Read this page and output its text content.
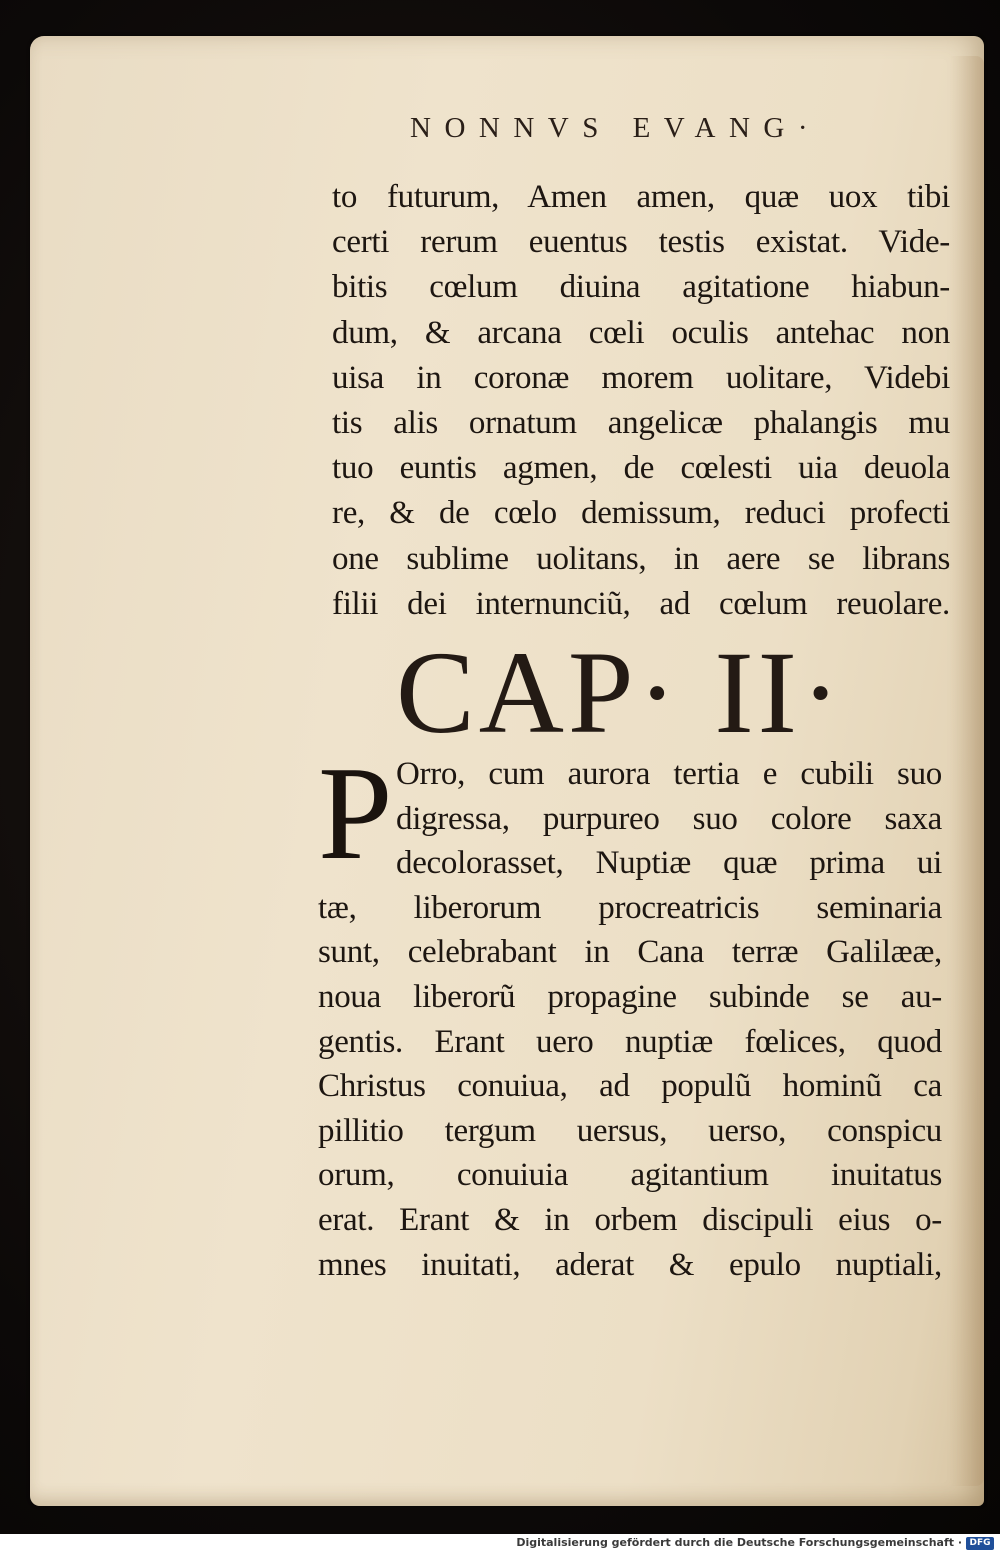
NONNVS EVANG·
to futurum, Amen amen, quæ uox tibi
certi rerum euentus testis existat. Vide-
bitis cœlum diuina agitatione hiabun-
dum, & arcana cœli oculis antehac non
uisa in coronæ morem uolitare, Videbi
tis alis ornatum angelicæ phalangis mu
tuo euntis agmen, de cœlesti uia deuola
re, & de cœlo demissum, reduci profecti
one sublime uolitans, in aere se librans
filii dei internunciũ, ad cœlum reuolare.
CAP· II·
P Orro, cum aurora tertia e cubili suo
digressa, purpureo suo colore saxa
decolorasset, Nuptiæ quæ prima ui
tæ, liberorum procreatricis seminaria
sunt, celebrabant in Cana terræ Galilææ,
noua liberorũ propagine subinde se au-
gentis. Erant uero nuptiæ fœlices, quod
Christus conuiua, ad populũ hominũ ca
pillitio tergum uersus, uerso, conspicu
orum, conuiuia agitantium inuitatus
erat. Erant & in orbem discipuli eius o-
mnes inuitati, aderat & epulo nuptiali,
Digitalisierung gefördert durch die Deutsche Forschungsgemeinschaft · DFG
